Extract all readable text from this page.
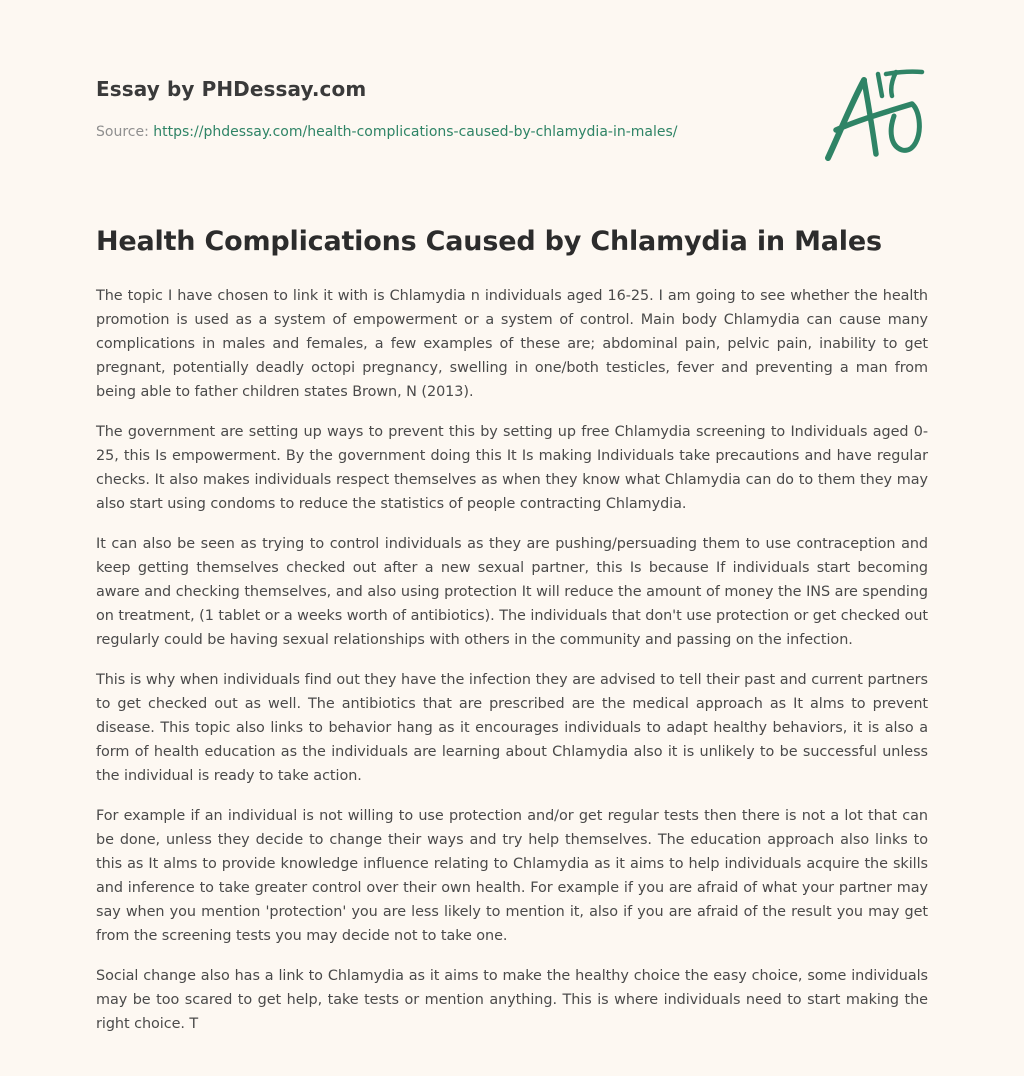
Essay by PHDessay.com
Source: https://phdessay.com/health-complications-caused-by-chlamydia-in-males/
Health Complications Caused by Chlamydia in Males

The topic I have chosen to link it with is Chlamydia n individuals aged 16-25. I am going to see whether the health promotion is used as a system of empowerment or a system of control. Main body Chlamydia can cause many complications in males and females, a few examples of these are; abdominal pain, pelvic pain, inability to get pregnant, potentially deadly octopi pregnancy, swelling in one/both testicles, fever and preventing a man from being able to father children states Brown, N (2013).

The government are setting up ways to prevent this by setting up free Chlamydia screening to Individuals aged 0-25, this Is empowerment. By the government doing this It Is making Individuals take precautions and have regular checks. It also makes individuals respect themselves as when they know what Chlamydia can do to them they may also start using condoms to reduce the statistics of people contracting Chlamydia.

It can also be seen as trying to control individuals as they are pushing/persuading them to use contraception and keep getting themselves checked out after a new sexual partner, this Is because If individuals start becoming aware and checking themselves, and also using protection It will reduce the amount of money the INS are spending on treatment, (1 tablet or a weeks worth of antibiotics). The individuals that don't use protection or get checked out regularly could be having sexual relationships with others in the community and passing on the infection.

This is why when individuals find out they have the infection they are advised to tell their past and current partners to get checked out as well. The antibiotics that are prescribed are the medical approach as It alms to prevent disease. This topic also links to behavior hang as it encourages individuals to adapt healthy behaviors, it is also a form of health education as the individuals are learning about Chlamydia also it is unlikely to be successful unless the individual is ready to take action.

For example if an individual is not willing to use protection and/or get regular tests then there is not a lot that can be done, unless they decide to change their ways and try help themselves. The education approach also links to this as It alms to provide knowledge influence relating to Chlamydia as it aims to help individuals acquire the skills and inference to take greater control over their own health. For example if you are afraid of what your partner may say when you mention 'protection' you are less likely to mention it, also if you are afraid of the result you may get from the screening tests you may decide not to take one.

Social change also has a link to Chlamydia as it aims to make the healthy choice the easy choice, some individuals may be too scared to get help, take tests or mention anything. This is where individuals need to start making the right choice. T
